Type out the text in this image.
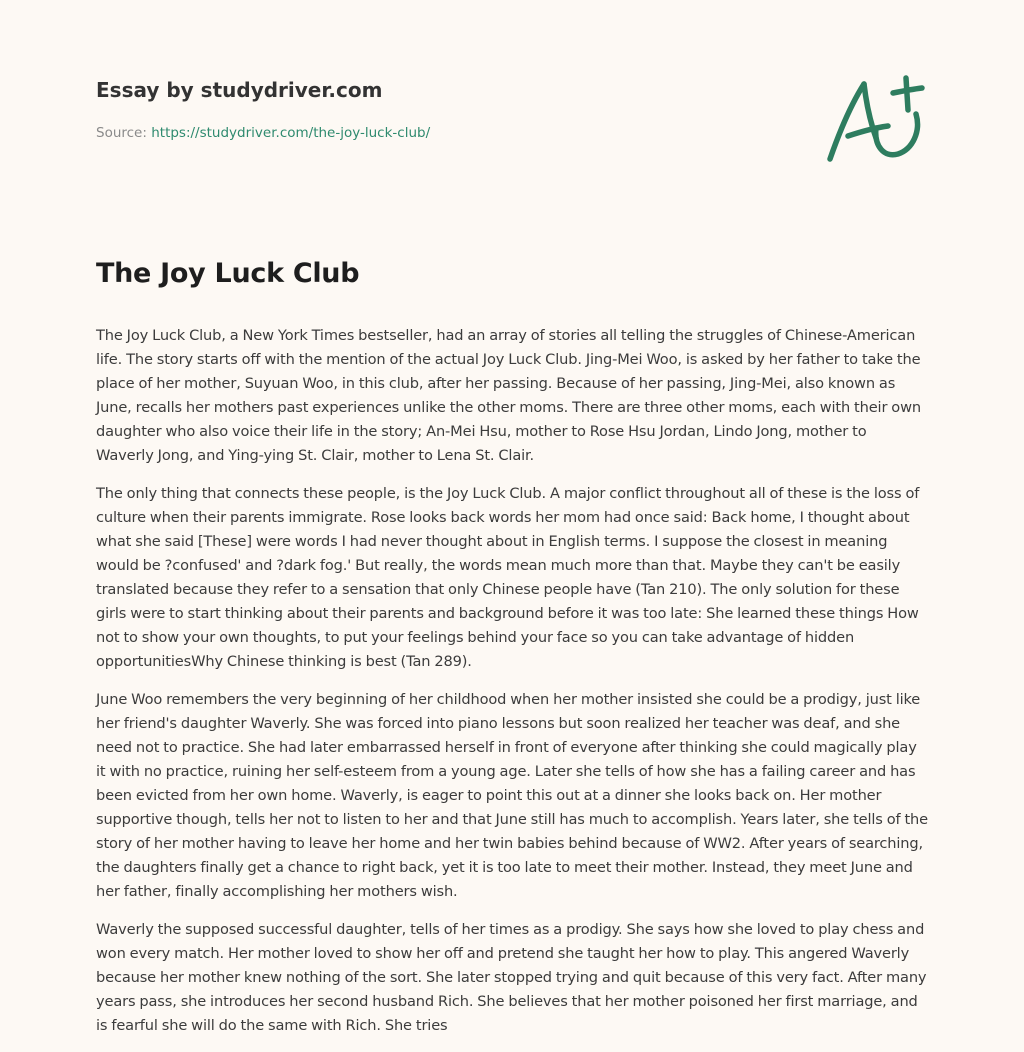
Essay by studydriver.com
Source: https://studydriver.com/the-joy-luck-club/
The Joy Luck Club

The Joy Luck Club, a New York Times bestseller, had an array of stories all telling the struggles of Chinese-American life. The story starts off with the mention of the actual Joy Luck Club. Jing-Mei Woo, is asked by her father to take the place of her mother, Suyuan Woo, in this club, after her passing. Because of her passing, Jing-Mei, also known as June, recalls her mothers past experiences unlike the other moms. There are three other moms, each with their own daughter who also voice their life in the story; An-Mei Hsu, mother to Rose Hsu Jordan, Lindo Jong, mother to Waverly Jong, and Ying-ying St. Clair, mother to Lena St. Clair.

The only thing that connects these people, is the Joy Luck Club. A major conflict throughout all of these is the loss of culture when their parents immigrate. Rose looks back words her mom had once said: Back home, I thought about what she said [These] were words I had never thought about in English terms. I suppose the closest in meaning would be ?confused' and ?dark fog.' But really, the words mean much more than that. Maybe they can't be easily translated because they refer to a sensation that only Chinese people have (Tan 210). The only solution for these girls were to start thinking about their parents and background before it was too late: She learned these things How not to show your own thoughts, to put your feelings behind your face so you can take advantage of hidden opportunitiesWhy Chinese thinking is best (Tan 289).

June Woo remembers the very beginning of her childhood when her mother insisted she could be a prodigy, just like her friend's daughter Waverly. She was forced into piano lessons but soon realized her teacher was deaf, and she need not to practice. She had later embarrassed herself in front of everyone after thinking she could magically play it with no practice, ruining her self-esteem from a young age. Later she tells of how she has a failing career and has been evicted from her own home. Waverly, is eager to point this out at a dinner she looks back on. Her mother supportive though, tells her not to listen to her and that June still has much to accomplish. Years later, she tells of the story of her mother having to leave her home and her twin babies behind because of WW2. After years of searching, the daughters finally get a chance to right back, yet it is too late to meet their mother. Instead, they meet June and her father, finally accomplishing her mothers wish.

Waverly the supposed successful daughter, tells of her times as a prodigy. She says how she loved to play chess and won every match. Her mother loved to show her off and pretend she taught her how to play. This angered Waverly because her mother knew nothing of the sort. She later stopped trying and quit because of this very fact. After many years pass, she introduces her second husband Rich. She believes that her mother poisoned her first marriage, and is fearful she will do the same with Rich. She tries
